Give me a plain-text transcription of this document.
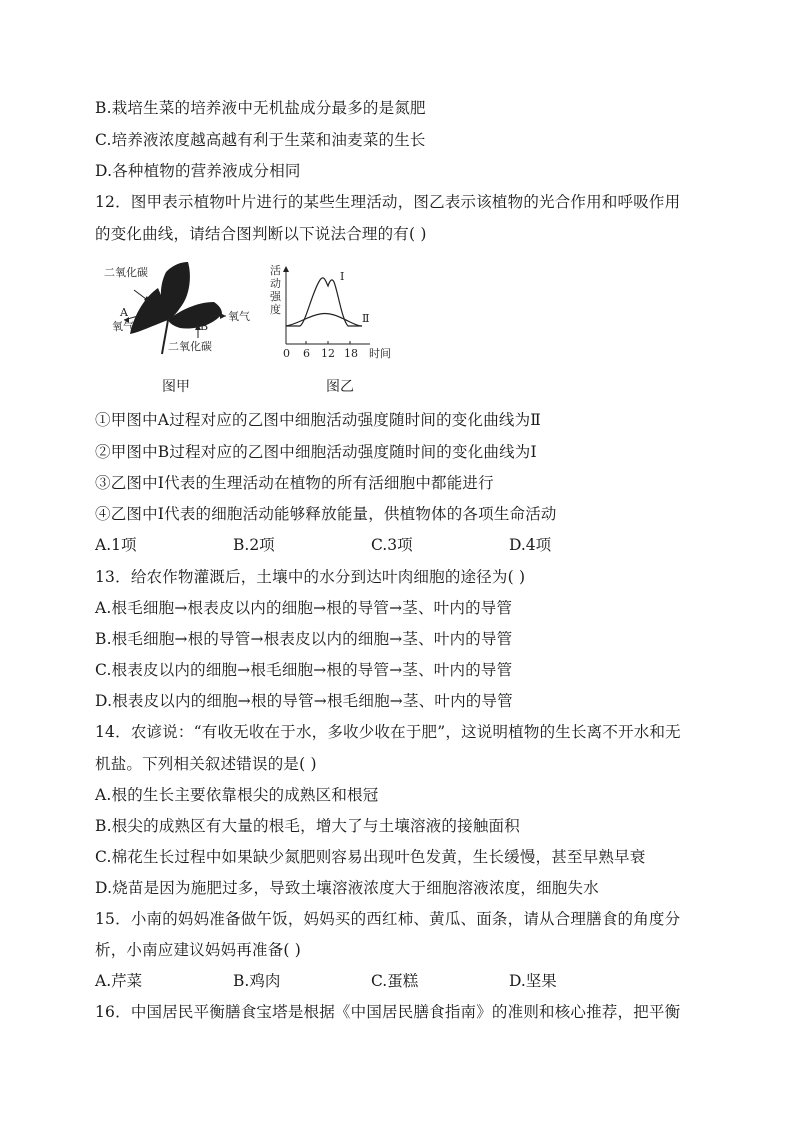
B.栽培生菜的培养液中无机盐成分最多的是氮肥
C.培养液浓度越高越有利于生菜和油麦菜的生长
D.各种植物的营养液成分相同
12．图甲表示植物叶片进行的某些生理活动，图乙表示该植物的光合作用和呼吸作用
的变化曲线，请结合图判断以下说法合理的有( )
二氧化碳
A
氧气	B
氧气
二氧化碳
活
动
强
度
Ⅰ
Ⅱ
0 6 12 18 时间
图甲	图乙
①甲图中A过程对应的乙图中细胞活动强度随时间的变化曲线为Ⅱ
②甲图中B过程对应的乙图中细胞活动强度随时间的变化曲线为Ⅰ
③乙图中Ⅰ代表的生理活动在植物的所有活细胞中都能进行
④乙图中Ⅰ代表的细胞活动能够释放能量，供植物体的各项生命活动
A.1项	B.2项	C.3项	D.4项
13．给农作物灌溉后，土壤中的水分到达叶肉细胞的途径为( )
A.根毛细胞→根表皮以内的细胞→根的导管→茎、叶内的导管
B.根毛细胞→根的导管→根表皮以内的细胞→茎、叶内的导管
C.根表皮以内的细胞→根毛细胞→根的导管→茎、叶内的导管
D.根表皮以内的细胞→根的导管→根毛细胞→茎、叶内的导管
14．农谚说：“有收无收在于水，多收少收在于肥”，这说明植物的生长离不开水和无
机盐。下列相关叙述错误的是( )
A.根的生长主要依靠根尖的成熟区和根冠
B.根尖的成熟区有大量的根毛，增大了与土壤溶液的接触面积
C.棉花生长过程中如果缺少氮肥则容易出现叶色发黄，生长缓慢，甚至早熟早衰
D.烧苗是因为施肥过多，导致土壤溶液浓度大于细胞溶液浓度，细胞失水
15．小南的妈妈准备做午饭，妈妈买的西红柿、黄瓜、面条，请从合理膳食的角度分
析，小南应建议妈妈再准备( )
A.芹菜	B.鸡肉	C.蛋糕	D.坚果
16．中国居民平衡膳食宝塔是根据《中国居民膳食指南》的准则和核心推荐，把平衡
